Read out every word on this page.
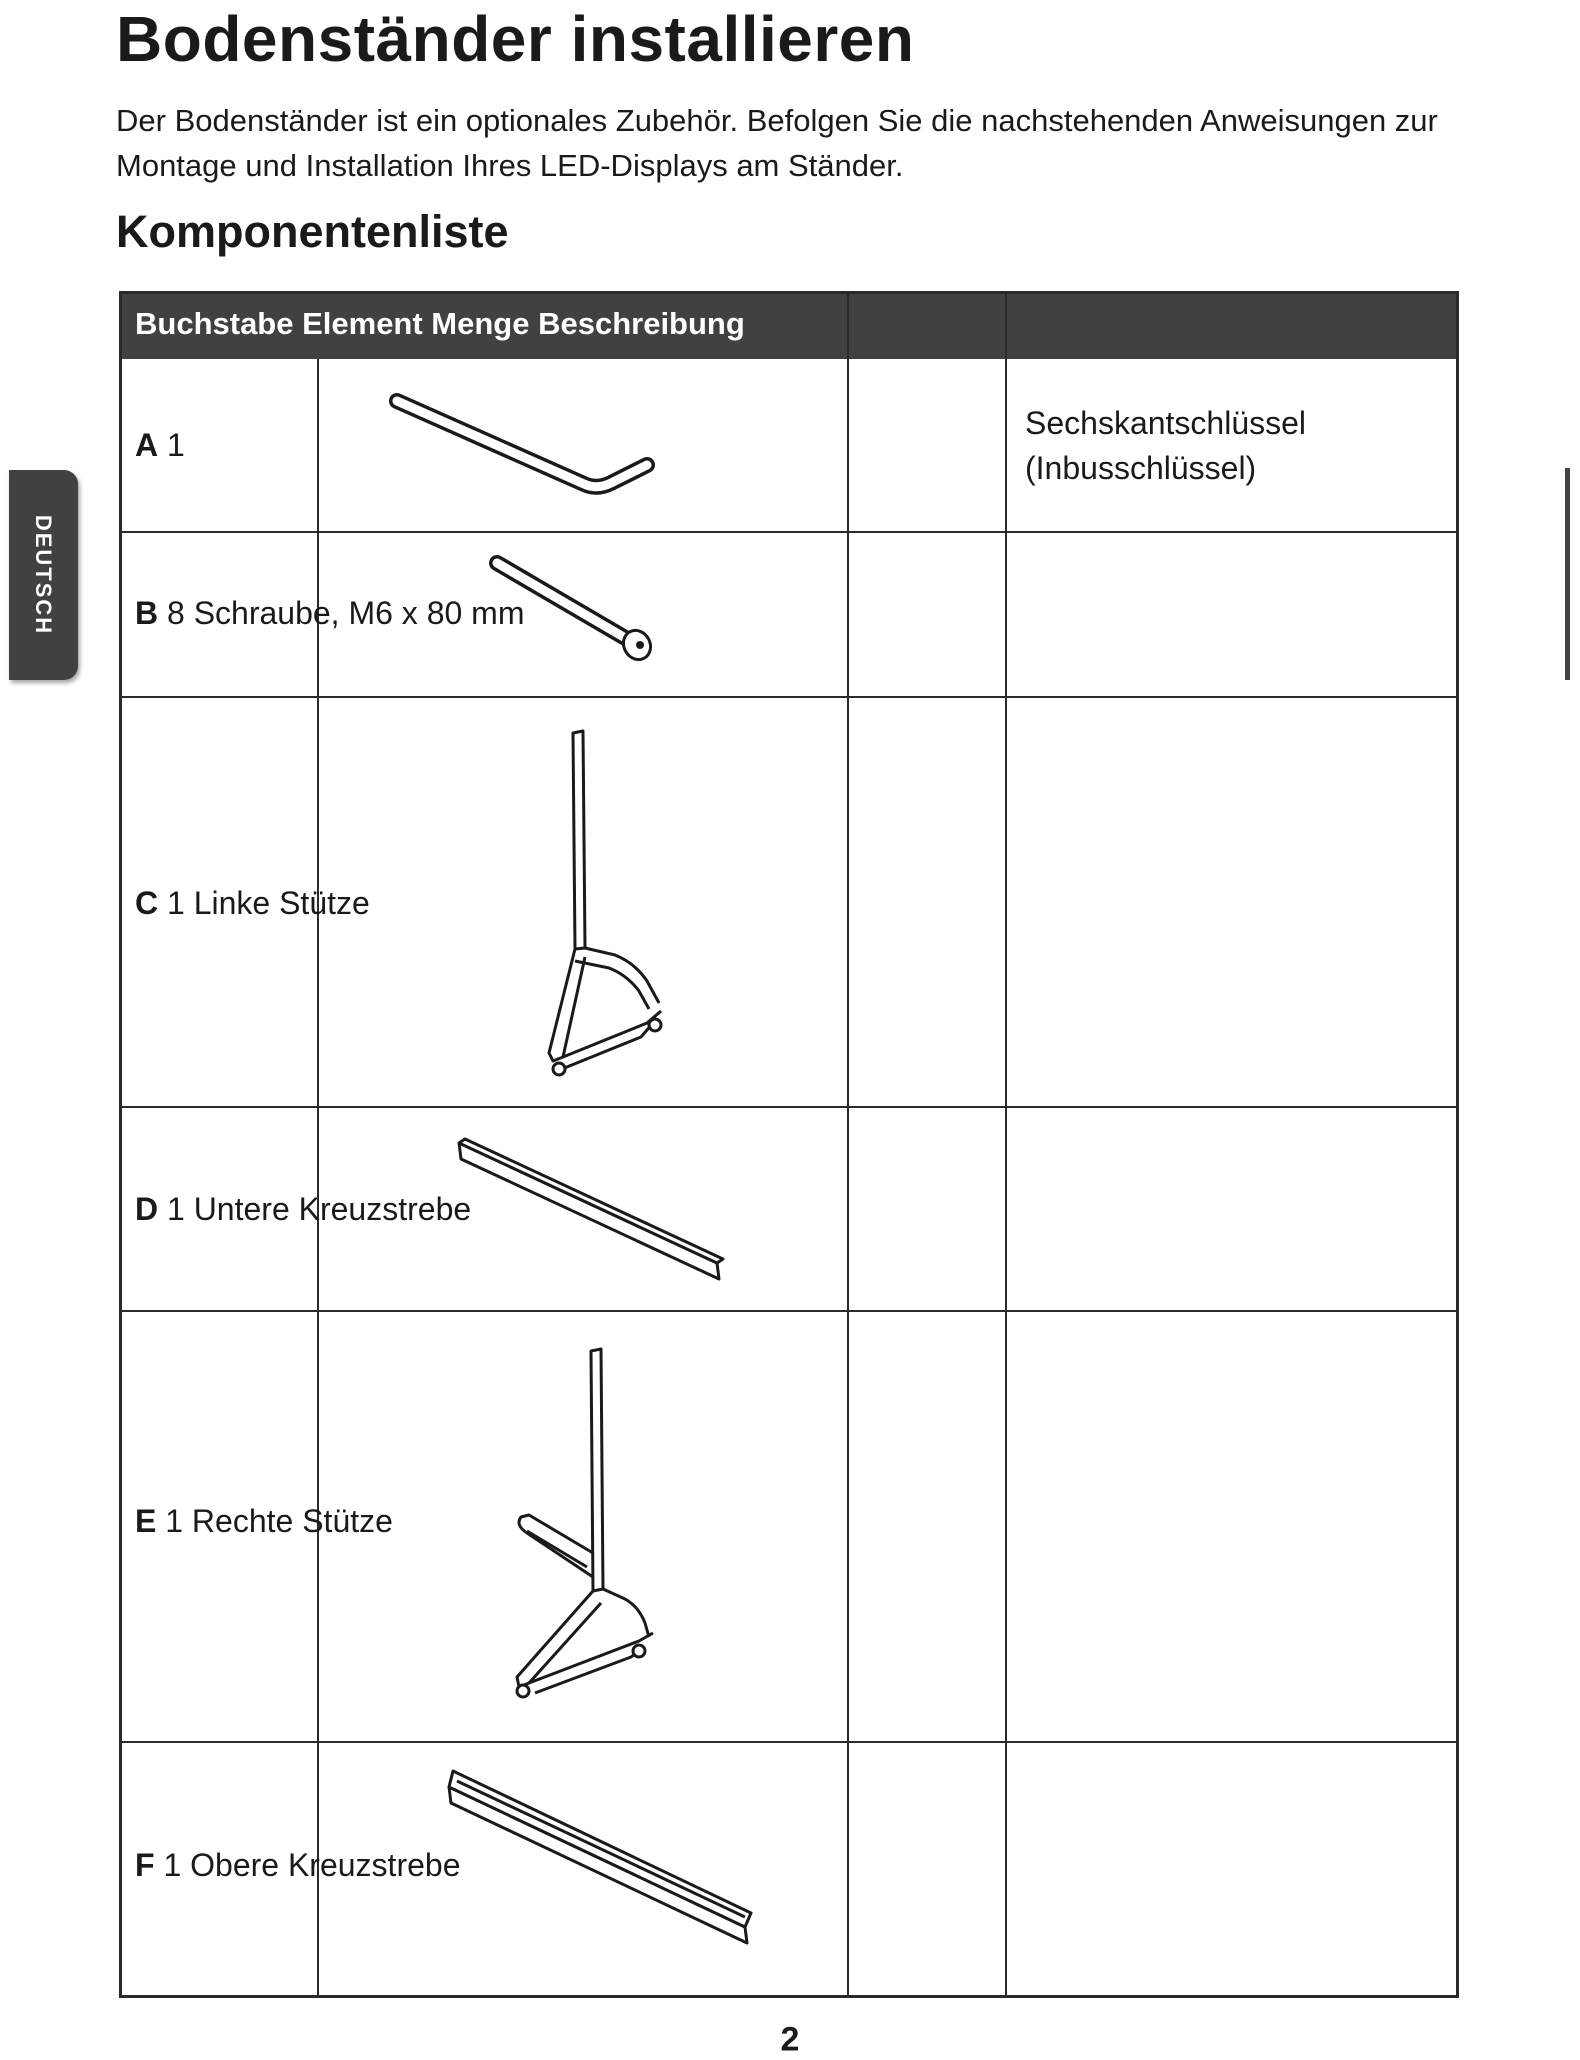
Bodenständer installieren

Der Bodenständer ist ein optionales Zubehör. Befolgen Sie die nachstehenden Anweisungen zur Montage und Installation Ihres LED-Displays am Ständer.

Komponentenliste
DEUTSCH
Buchstabe Element Menge Beschreibung
A 1
Sechskantschlüssel
(Inbusschlüssel)
B 8 Schraube, M6 x 80 mm
C 1 Linke Stütze
D 1 Untere Kreuzstrebe
E 1 Rechte Stütze
F 1 Obere Kreuzstrebe
2
